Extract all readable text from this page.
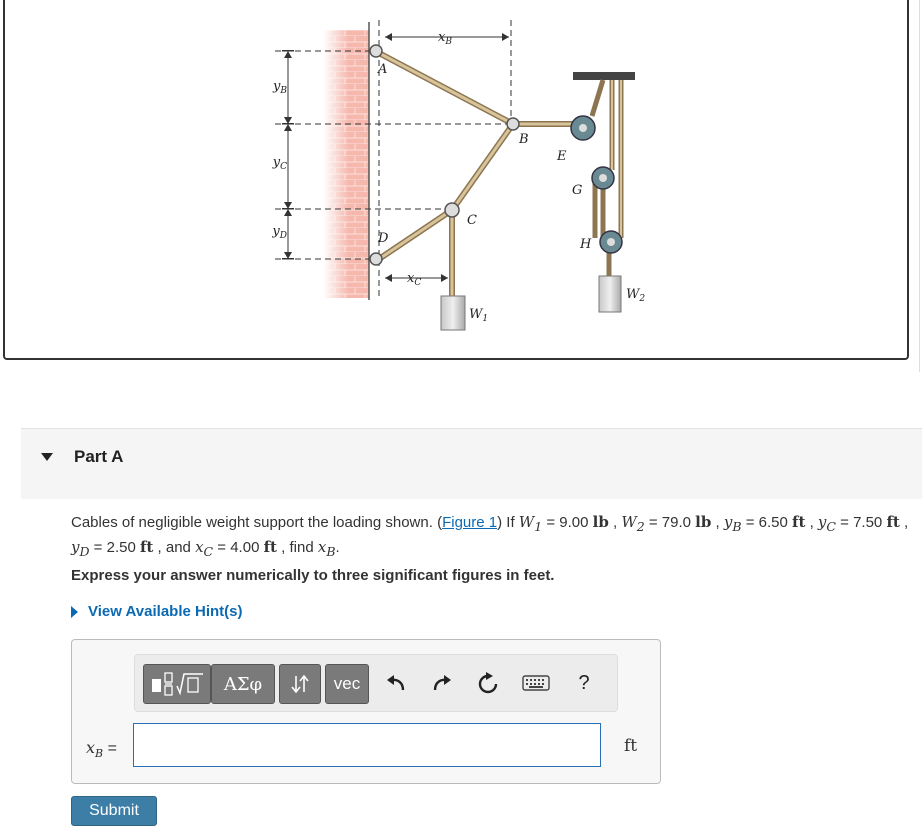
A
B
C
D
E
G
H
$x_B$
$x_C$
$y_B$
$y_C$
$y_D$
$W_1$
$W_2$
Part A
Cables of negligible weight support the loading shown. (Figure 1) If $W_1 = 9.00$ lb , $W_2 = 79.0$ lb , $y_B = 6.50$ ft , $y_C = 7.50$ ft , $y_D = 2.50$ ft , and $x_C = 4.00$ ft , find $x_B$.
Express your answer numerically to three significant figures in feet.
View Available Hint(s)
ΑΣφ	vec	?
$x_B$ =	ft
Submit
